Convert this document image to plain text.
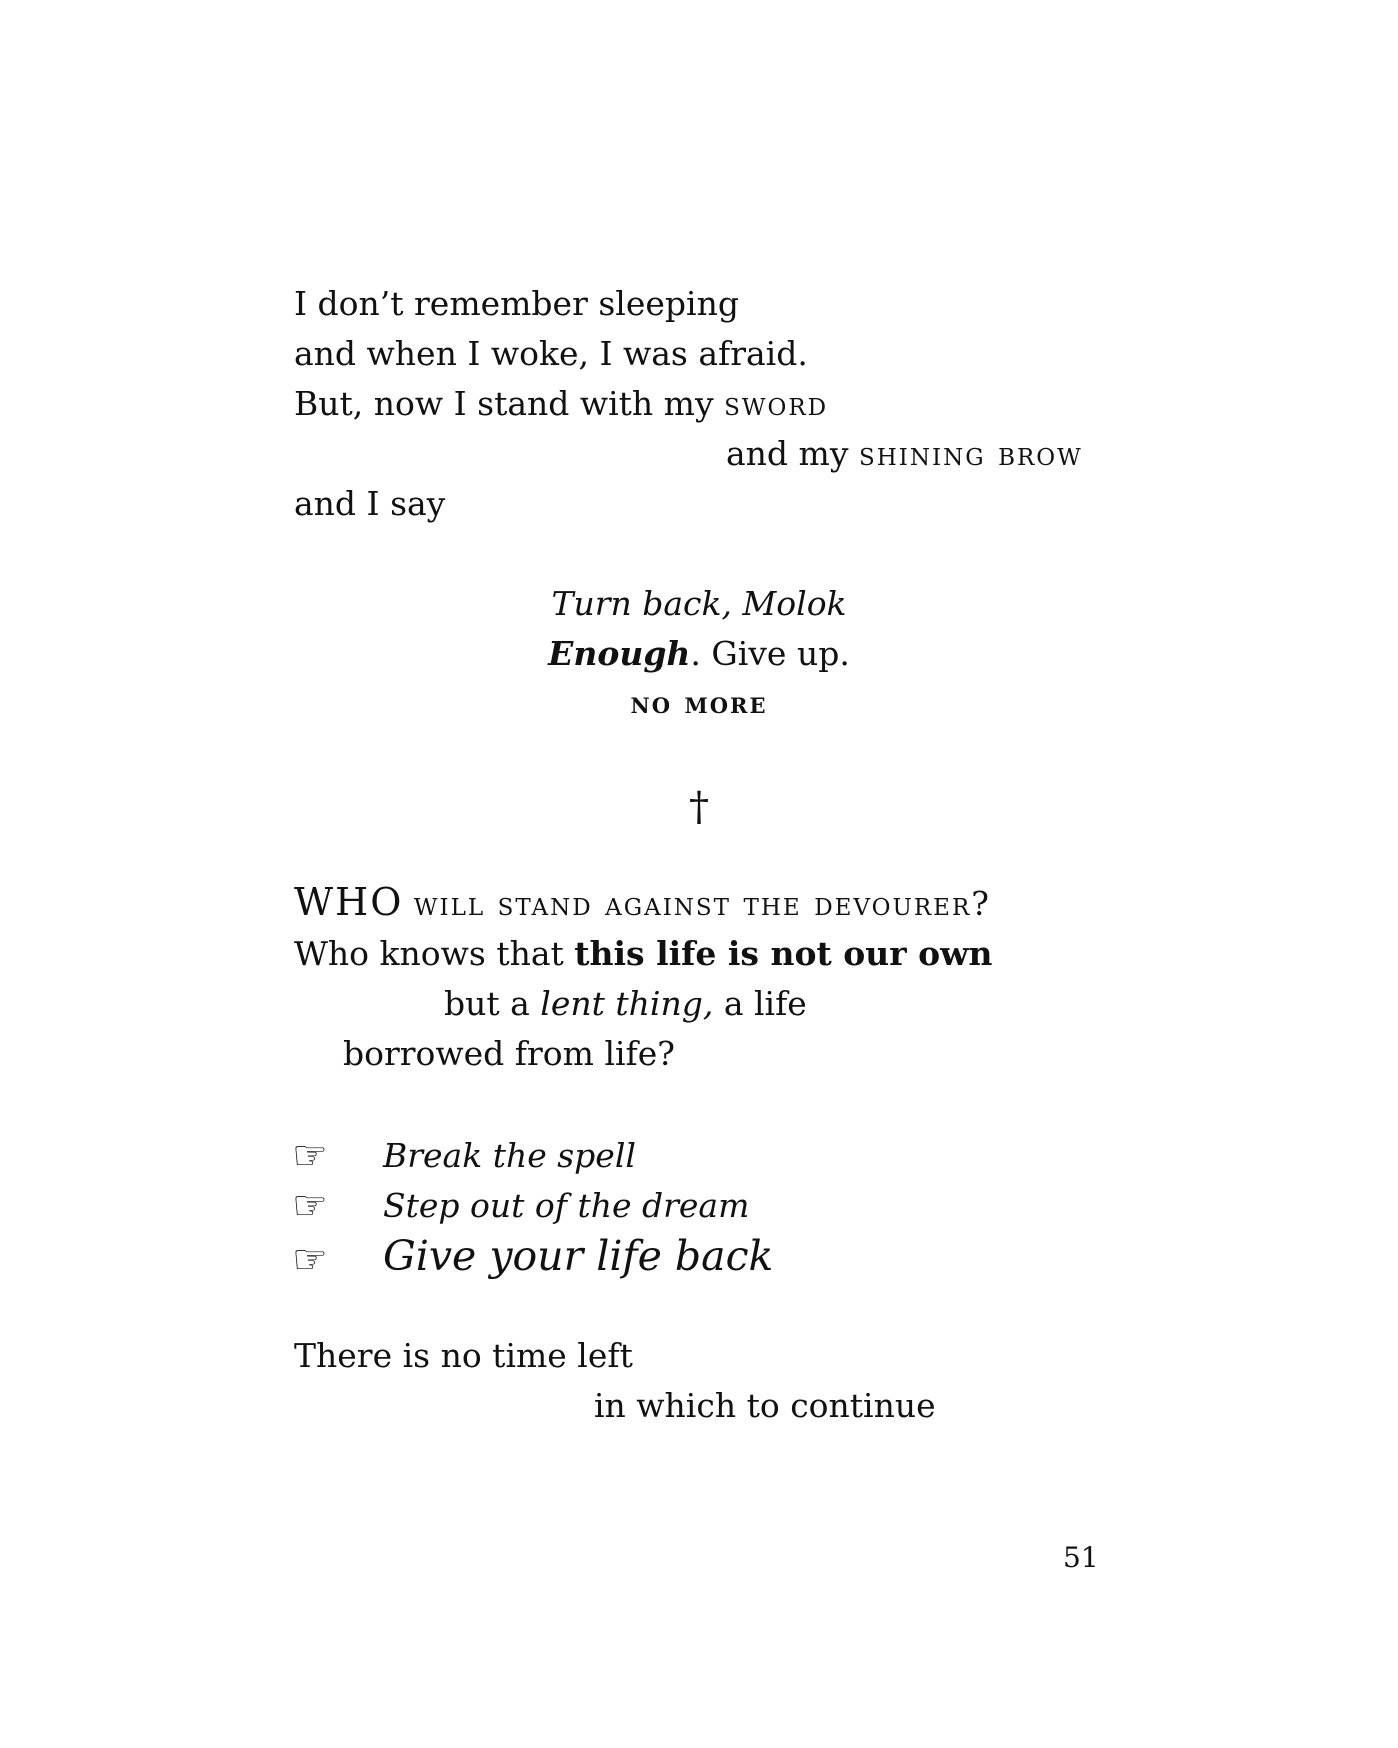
I don’t remember sleeping
and when I woke, I was afraid.
But, now I stand with my sword
and my shining brow
and I say
Turn back, Molok
Enough. Give up.
no more
†
WHO will stand against the devourer?
Who knows that this life is not our own
but a lent thing, a life
borrowed from life?
☞ Break the spell
☞ Step out of the dream
☞ Give your life back
There is no time left
in which to continue
51
